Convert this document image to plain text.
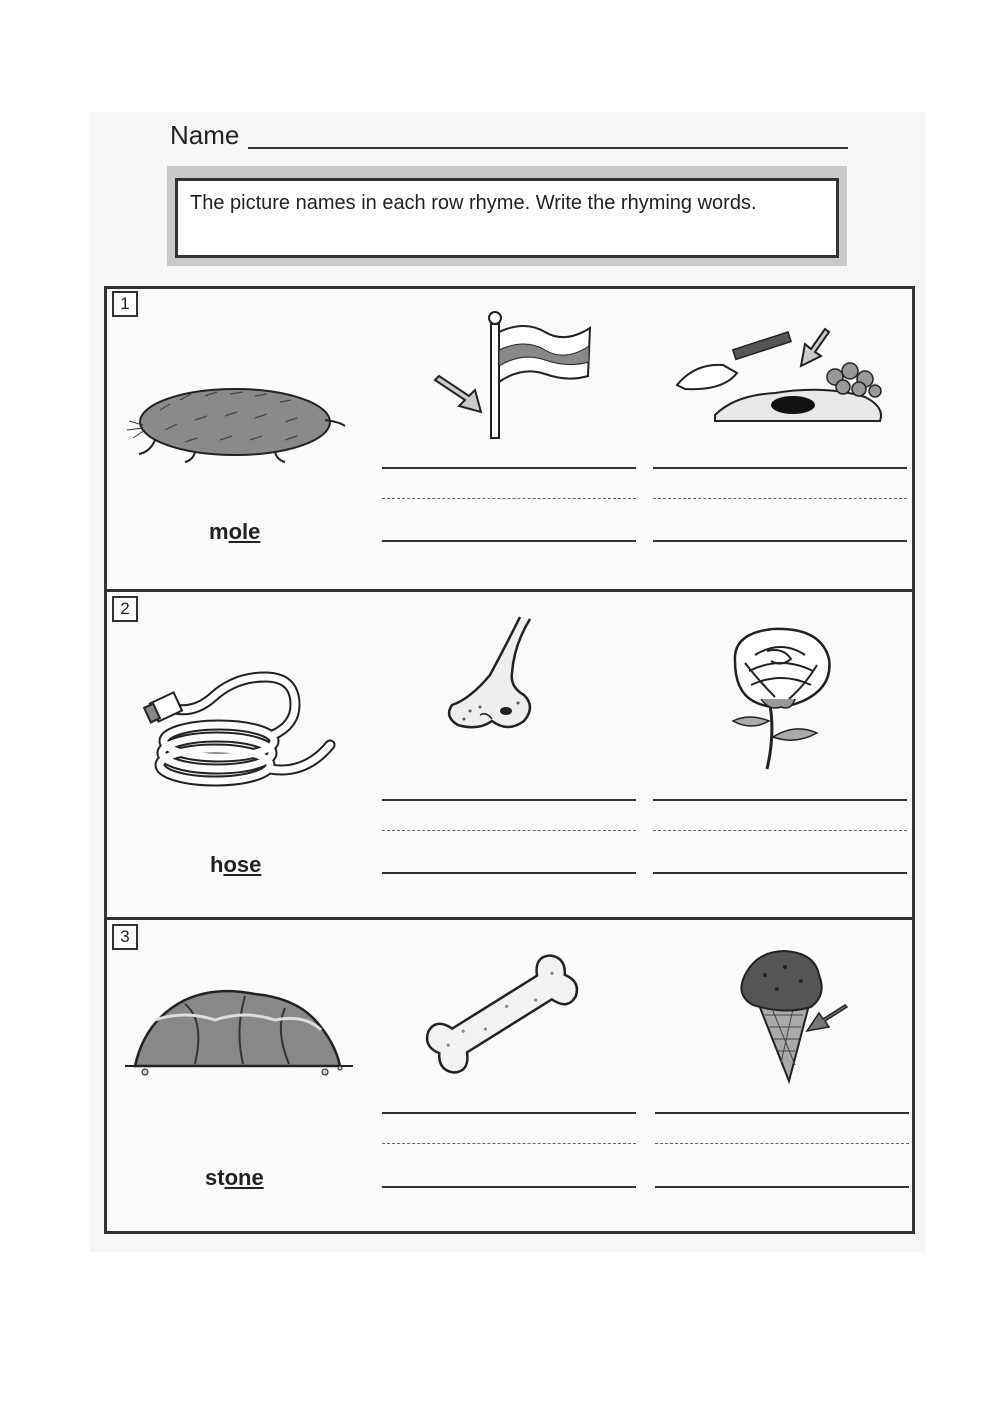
Name
The picture names in each row rhyme. Write the rhyming words.
1
mole
2
hose
3
stone
